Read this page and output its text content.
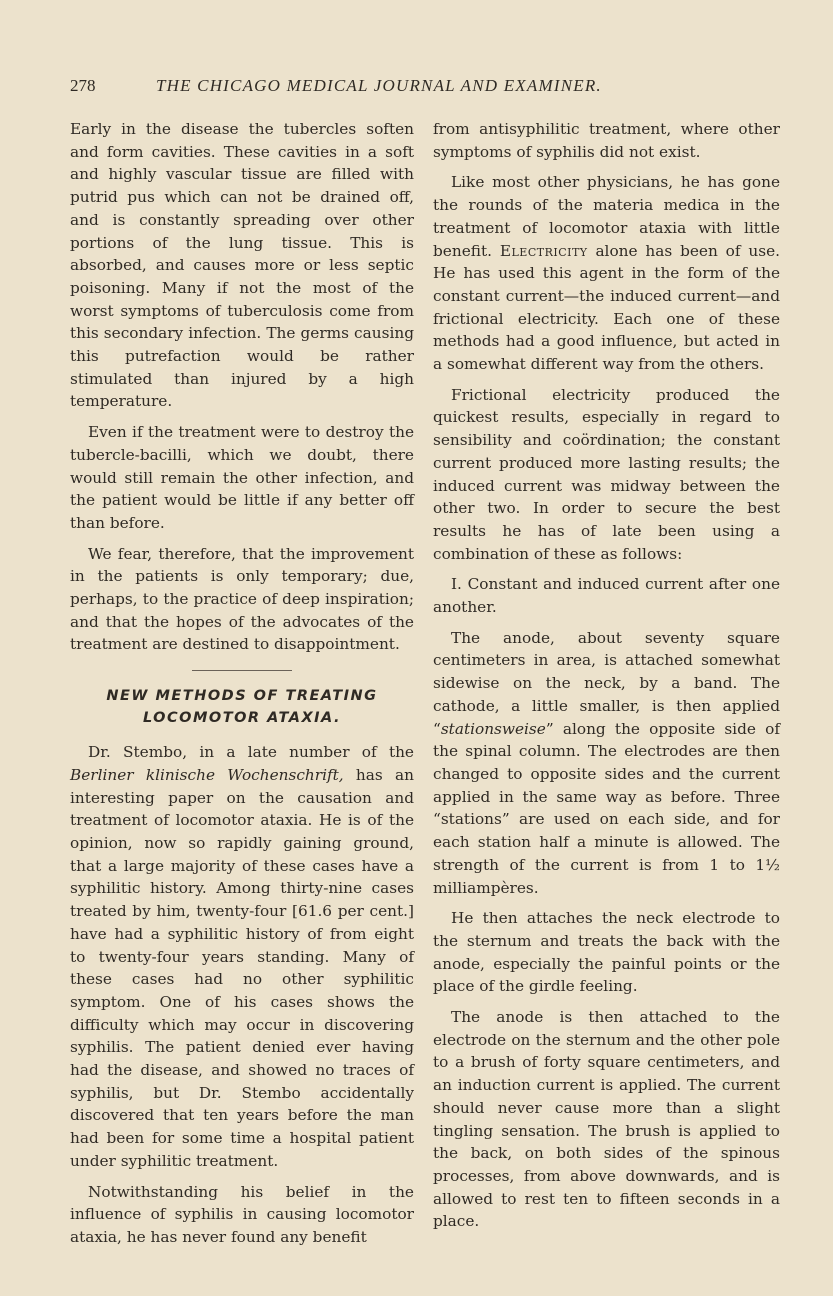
278	THE CHICAGO MEDICAL JOURNAL AND EXAMINER.

Early in the disease the tubercles soften and form cavities. These cavities in a soft and highly vascular tissue are filled with putrid pus which can not be drained off, and is constantly spreading over other portions of the lung tissue. This is absorbed, and causes more or less septic poisoning. Many if not the most of the worst symptoms of tuberculosis come from this secondary infection. The germs causing this putrefaction would be rather stimulated than injured by a high temperature.

Even if the treatment were to destroy the tubercle-bacilli, which we doubt, there would still remain the other infection, and the patient would be little if any better off than before.

We fear, therefore, that the improvement in the patients is only temporary; due, perhaps, to the practice of deep inspiration; and that the hopes of the advocates of the treatment are destined to disappointment.

NEW METHODS OF TREATING LOCOMOTOR ATAXIA.

Dr. Stembo, in a late number of the Berliner klinische Wochenschrift, has an interesting paper on the causation and treatment of locomotor ataxia. He is of the opinion, now so rapidly gaining ground, that a large majority of these cases have a syphilitic history. Among thirty-nine cases treated by him, twenty-four [61.6 per cent.] have had a syphilitic history of from eight to twenty-four years standing. Many of these cases had no other syphilitic symptom. One of his cases shows the difficulty which may occur in discovering syphilis. The patient denied ever having had the disease, and showed no traces of syphilis, but Dr. Stembo accidentally discovered that ten years before the man had been for some time a hospital patient under syphilitic treatment.

Notwithstanding his belief in the influence of syphilis in causing locomotor ataxia, he has never found any benefit

from antisyphilitic treatment, where other symptoms of syphilis did not exist.

Like most other physicians, he has gone the rounds of the materia medica in the treatment of locomotor ataxia with little benefit. Electricity alone has been of use. He has used this agent in the form of the constant current—the induced current—and frictional electricity. Each one of these methods had a good influence, but acted in a somewhat different way from the others.

Frictional electricity produced the quickest results, especially in regard to sensibility and coördination; the constant current produced more lasting results; the induced current was midway between the other two. In order to secure the best results he has of late been using a combination of these as follows:

I. Constant and induced current after one another.

The anode, about seventy square centimeters in area, is attached somewhat sidewise on the neck, by a band. The cathode, a little smaller, is then applied “stationsweise” along the opposite side of the spinal column. The electrodes are then changed to opposite sides and the current applied in the same way as before. Three “stations” are used on each side, and for each station half a minute is allowed. The strength of the current is from 1 to 1½ milliampères.

He then attaches the neck electrode to the sternum and treats the back with the anode, especially the painful points or the place of the girdle feeling.

The anode is then attached to the electrode on the sternum and the other pole to a brush of forty square centimeters, and an induction current is applied. The current should never cause more than a slight tingling sensation. The brush is applied to the back, on both sides of the spinous processes, from above downwards, and is allowed to rest ten to fifteen seconds in a place.
